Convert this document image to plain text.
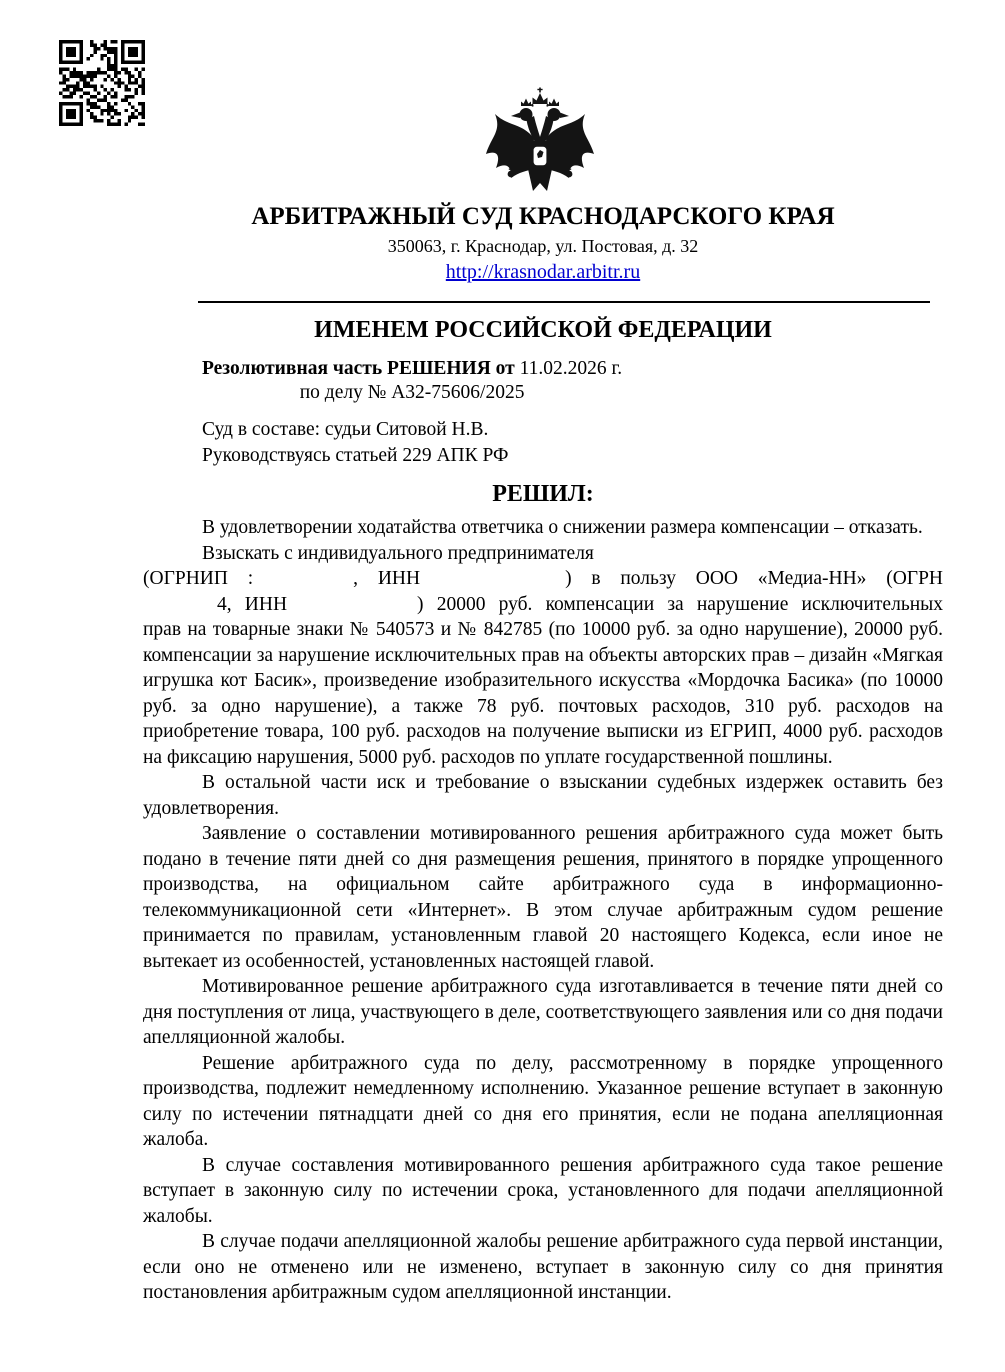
АРБИТРАЖНЫЙ СУД КРАСНОДАРСКОГО КРАЯ
350063, г. Краснодар, ул. Постовая, д. 32
http://krasnodar.arbitr.ru
ИМЕНЕМ РОССИЙСКОЙ ФЕДЕРАЦИИ
Резолютивная часть РЕШЕНИЯ от 11.02.2026 г.
по делу № А32-75606/2025
Суд в составе: судьи Ситовой Н.В.
Руководствуясь статьей 229 АПК РФ
РЕШИЛ:
В удовлетворении ходатайства ответчика о снижении размера компенсации – отказать.
Взыскать с индивидуального предпринимателя
(ОГРНИП :	, ИНН	) в пользу ООО «Медиа-НН» (ОГРН
4, ИНН	) 20000 руб. компенсации за нарушение исключительных
прав на товарные знаки № 540573 и № 842785 (по 10000 руб. за одно нарушение), 20000 руб. компенсации за нарушение исключительных прав на объекты авторских прав – дизайн «Мягкая игрушка кот Басик», произведение изобразительного искусства «Мордочка Басика» (по 10000 руб. за одно нарушение), а также 78 руб. почтовых расходов, 310 руб. расходов на приобретение товара, 100 руб. расходов на получение выписки из ЕГРИП, 4000 руб. расходов на фиксацию нарушения, 5000 руб. расходов по уплате государственной пошлины.
В остальной части иск и требование о взыскании судебных издержек оставить без удовлетворения.
Заявление о составлении мотивированного решения арбитражного суда может быть подано в течение пяти дней со дня размещения решения, принятого в порядке упрощенного производства, на официальном сайте арбитражного суда в информационно-телекоммуникационной сети «Интернет». В этом случае арбитражным судом решение принимается по правилам, установленным главой 20 настоящего Кодекса, если иное не вытекает из особенностей, установленных настоящей главой.
Мотивированное решение арбитражного суда изготавливается в течение пяти дней со дня поступления от лица, участвующего в деле, соответствующего заявления или со дня подачи апелляционной жалобы.
Решение арбитражного суда по делу, рассмотренному в порядке упрощенного производства, подлежит немедленному исполнению. Указанное решение вступает в законную силу по истечении пятнадцати дней со дня его принятия, если не подана апелляционная жалоба.
В случае составления мотивированного решения арбитражного суда такое решение вступает в законную силу по истечении срока, установленного для подачи апелляционной жалобы.
В случае подачи апелляционной жалобы решение арбитражного суда первой инстанции, если оно не отменено или не изменено, вступает в законную силу со дня принятия постановления арбитражным судом апелляционной инстанции.
